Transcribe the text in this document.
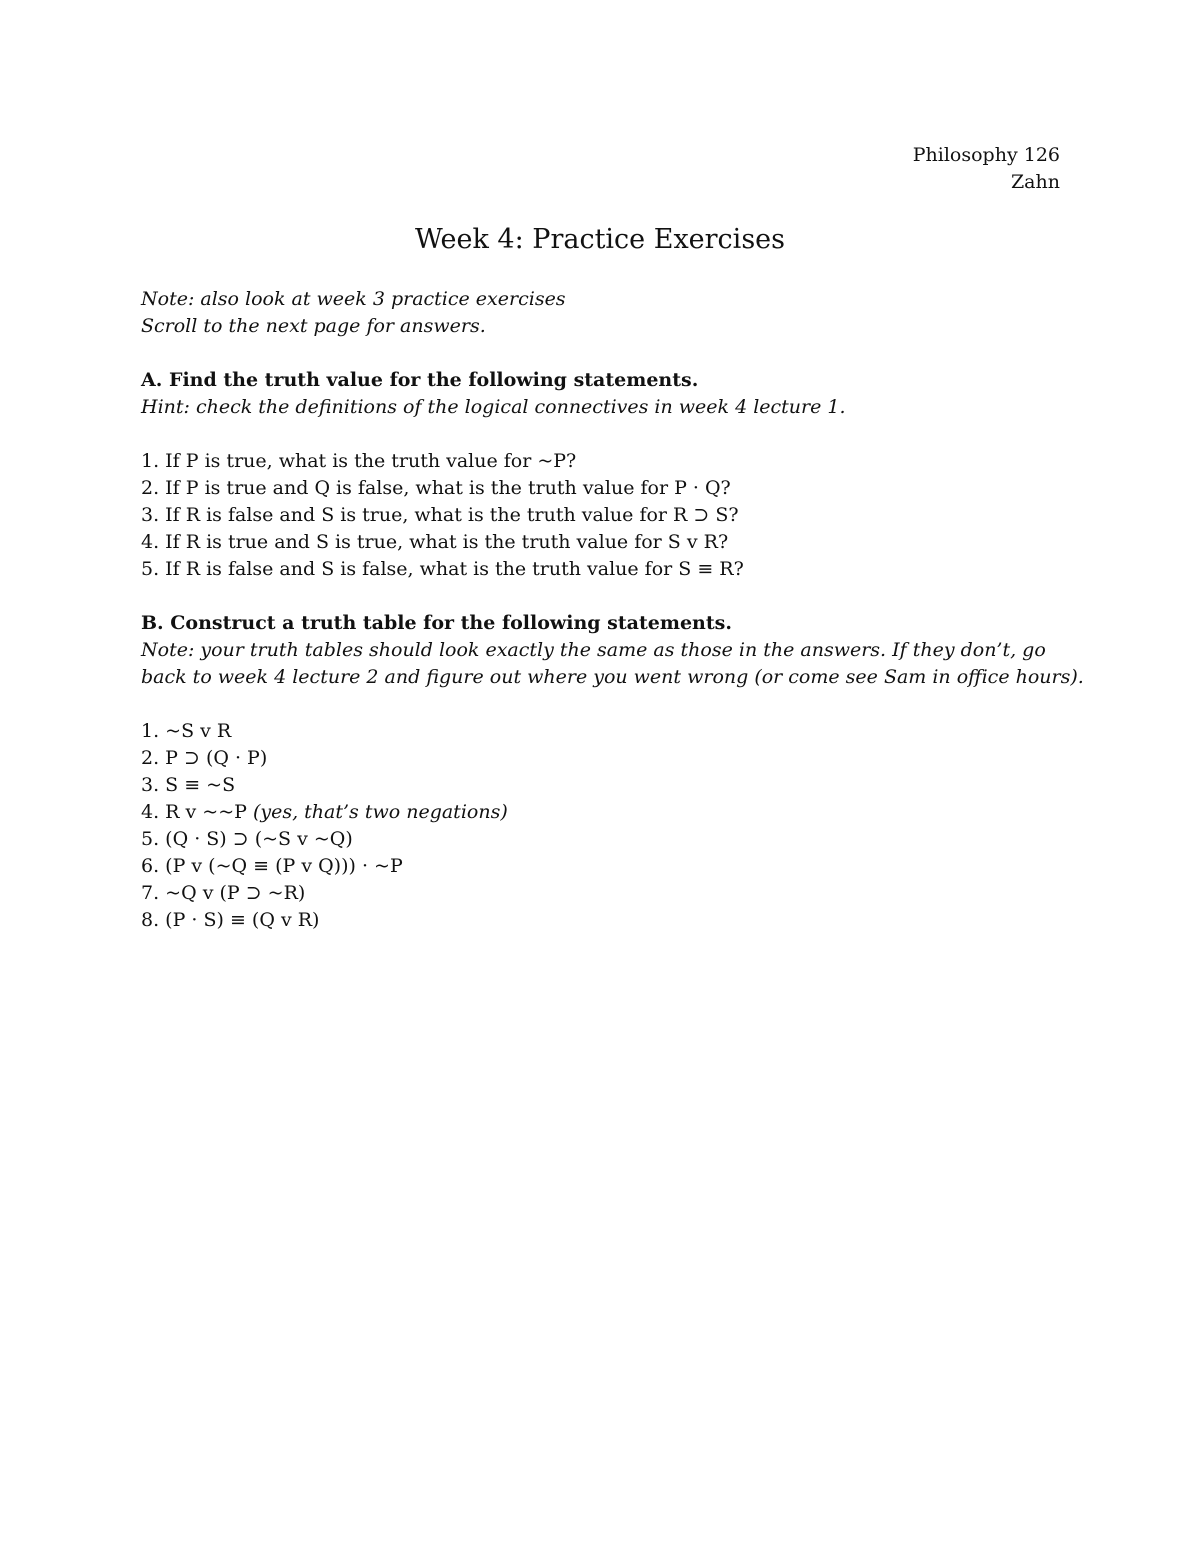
Philosophy 126
Zahn
Week 4: Practice Exercises
Note: also look at week 3 practice exercises
Scroll to the next page for answers.
A. Find the truth value for the following statements.
Hint: check the definitions of the logical connectives in week 4 lecture 1.
1. If P is true, what is the truth value for ~P?
2. If P is true and Q is false, what is the truth value for P · Q?
3. If R is false and S is true, what is the truth value for R ⊃ S?
4. If R is true and S is true, what is the truth value for S v R?
5. If R is false and S is false, what is the truth value for S ≡ R?
B. Construct a truth table for the following statements.
Note: your truth tables should look exactly the same as those in the answers. If they don’t, go
back to week 4 lecture 2 and figure out where you went wrong (or come see Sam in office hours).
1. ~S v R
2. P ⊃ (Q · P)
3. S ≡ ~S
4. R v ~~P (yes, that’s two negations)
5. (Q · S) ⊃ (~S v ~Q)
6. (P v (~Q ≡ (P v Q))) · ~P
7. ~Q v (P ⊃ ~R)
8. (P · S) ≡ (Q v R)
